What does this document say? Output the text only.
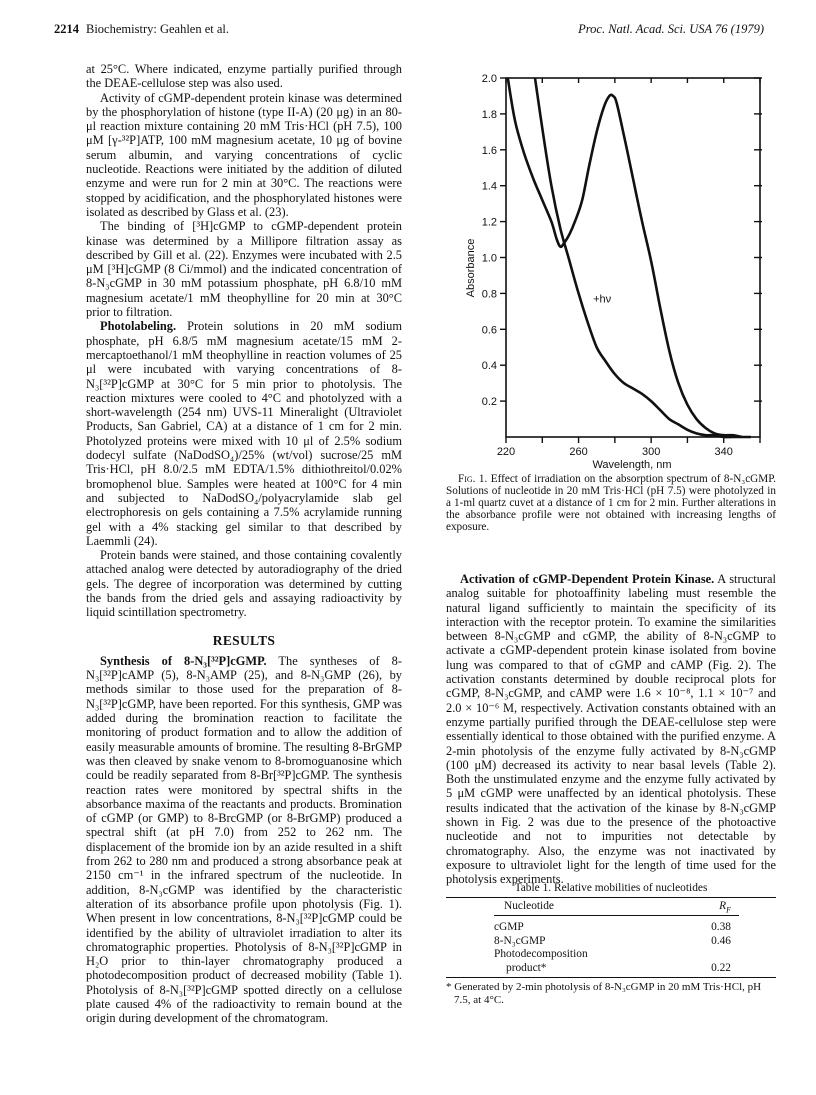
2214 Biochemistry: Geahlen et al.	Proc. Natl. Acad. Sci. USA 76 (1979)

at 25°C. Where indicated, enzyme partially purified through the DEAE-cellulose step was also used.

Activity of cGMP-dependent protein kinase was determined by the phosphorylation of histone (type II-A) (20 μg) in an 80-μl reaction mixture containing 20 mM Tris·HCl (pH 7.5), 100 μM [γ-³²P]ATP, 100 mM magnesium acetate, 10 μg of bovine serum albumin, and varying concentrations of cyclic nucleotide. Reactions were initiated by the addition of diluted enzyme and were run for 2 min at 30°C. The reactions were stopped by acidification, and the phosphorylated histones were isolated as described by Glass et al. (23).

The binding of [³H]cGMP to cGMP-dependent protein kinase was determined by a Millipore filtration assay as described by Gill et al. (22). Enzymes were incubated with 2.5 μM [³H]cGMP (8 Ci/mmol) and the indicated concentration of 8-N₃cGMP in 30 mM potassium phosphate, pH 6.8/10 mM magnesium acetate/1 mM theophylline for 20 min at 30°C prior to filtration.

Photolabeling. Protein solutions in 20 mM sodium phosphate, pH 6.8/5 mM magnesium acetate/15 mM 2-mercaptoethanol/1 mM theophylline in reaction volumes of 25 μl were incubated with varying concentrations of 8-N₃[³²P]cGMP at 30°C for 5 min prior to photolysis. The reaction mixtures were cooled to 4°C and photolyzed with a short-wavelength (254 nm) UVS-11 Mineralight (Ultraviolet Products, San Gabriel, CA) at a distance of 1 cm for 2 min. Photolyzed proteins were mixed with 10 μl of 2.5% sodium dodecyl sulfate (NaDodSO₄)/25% (wt/vol) sucrose/25 mM Tris·HCl, pH 8.0/2.5 mM EDTA/1.5% dithiothreitol/0.02% bromophenol blue. Samples were heated at 100°C for 4 min and subjected to NaDodSO₄/polyacrylamide slab gel electrophoresis on gels containing a 7.5% acrylamide running gel with a 4% stacking gel similar to that described by Laemmli (24).

Protein bands were stained, and those containing covalently attached analog were detected by autoradiography of the dried gels. The degree of incorporation was determined by cutting the bands from the dried gels and assaying radioactivity by liquid scintillation spectrometry.

RESULTS

Synthesis of 8-N₃[³²P]cGMP. The syntheses of 8-N₃[³²P]cAMP (5), 8-N₃AMP (25), and 8-N₃GMP (26), by methods similar to those used for the preparation of 8-N₃[³²P]cGMP, have been reported. For this synthesis, GMP was added during the bromination reaction to facilitate the monitoring of product formation and to allow the addition of easily measurable amounts of bromine. The resulting 8-BrGMP was then cleaved by snake venom to 8-bromoguanosine which could be readily separated from 8-Br[³²P]cGMP. The synthesis reaction rates were monitored by spectral shifts in the absorbance maxima of the reactants and products. Bromination of cGMP (or GMP) to 8-BrcGMP (or 8-BrGMP) produced a spectral shift (at pH 7.0) from 252 to 262 nm. The displacement of the bromide ion by an azide resulted in a shift from 262 to 280 nm and produced a strong absorbance peak at 2150 cm⁻¹ in the infrared spectrum of the nucleotide. In addition, 8-N₃cGMP was identified by the characteristic alteration of its absorbance profile upon photolysis (Fig. 1). When present in low concentrations, 8-N₃[³²P]cGMP could be identified by the ability of ultraviolet irradiation to alter its chromatographic properties. Photolysis of 8-N₃[³²P]cGMP in H₂O prior to thin-layer chromatography produced a photodecomposition product of decreased mobility (Table 1). Photolysis of 8-N₃[³²P]cGMP spotted directly on a cellulose plate caused 4% of the radioactivity to remain bound at the origin during development of the chromatogram.

0.2
0.4
0.6
0.8
1.0
1.2
1.4
1.6
1.8
2.0
220	260	300	340
Absorbance
Wavelength, nm
+hν
Fig. 1. Effect of irradiation on the absorption spectrum of 8-N₃cGMP. Solutions of nucleotide in 20 mM Tris·HCl (pH 7.5) were photolyzed in a 1-ml quartz cuvet at a distance of 1 cm for 2 min. Further alterations in the absorbance profile were not obtained with increasing lengths of exposure.

Activation of cGMP-Dependent Protein Kinase. A structural analog suitable for photoaffinity labeling must resemble the natural ligand sufficiently to maintain the specificity of its interaction with the receptor protein. To examine the similarities between 8-N₃cGMP and cGMP, the ability of 8-N₃cGMP to activate a cGMP-dependent protein kinase isolated from bovine lung was compared to that of cGMP and cAMP (Fig. 2). The activation constants determined by double reciprocal plots for cGMP, 8-N₃cGMP, and cAMP were 1.6 × 10⁻⁸, 1.1 × 10⁻⁷ and 2.0 × 10⁻⁶ M, respectively. Activation constants obtained with an enzyme partially purified through the DEAE-cellulose step were essentially identical to those obtained with the purified enzyme. A 2-min photolysis of the enzyme fully activated by 8-N₃cGMP (100 μM) decreased its activity to near basal levels (Table 2). Both the unstimulated enzyme and the enzyme fully activated by 5 μM cGMP were unaffected by an identical photolysis. These results indicated that the activation of the kinase by 8-N₃cGMP shown in Fig. 2 was due to the presence of the photoactive nucleotide and not to impurities not detectable by chromatography. Also, the enzyme was not inactivated by exposure to ultraviolet light for the length of time used for the photolysis experiments.

Table 1. Relative mobilities of nucleotides
Nucleotide	$R_F$

cGMP	0.38
8-N₃cGMP	0.46
Photodecomposition	
product*	0.22
* Generated by 2-min photolysis of 8-N₃cGMP in 20 mM Tris·HCl, pH 7.5, at 4°C.
